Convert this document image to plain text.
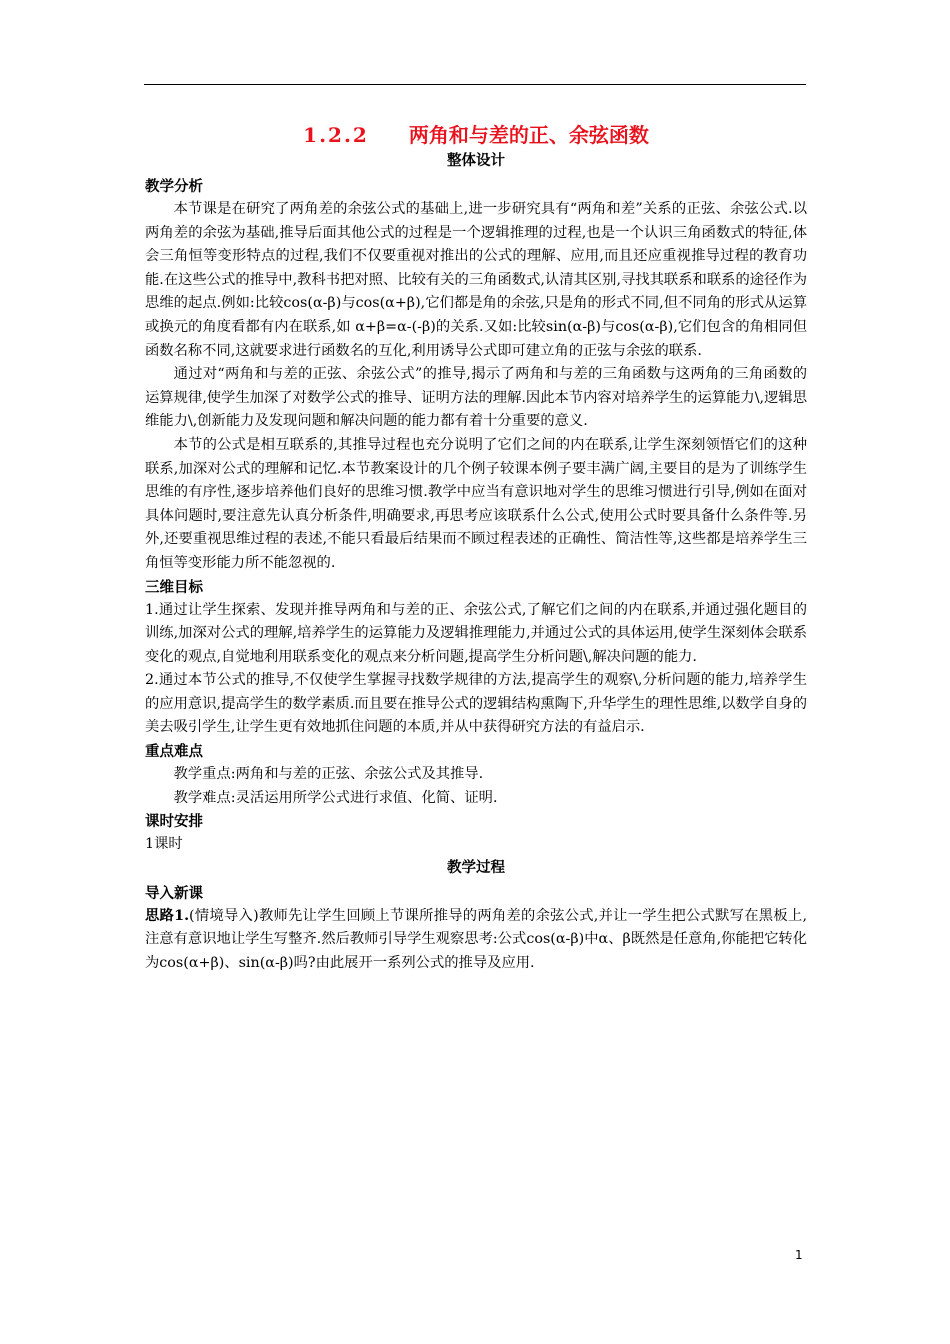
1.2.2 两角和与差的正、余弦函数
整体设计
教学分析

本节课是在研究了两角差的余弦公式的基础上,进一步研究具有“两角和差”关系的正弦、余弦公式.以两角差的余弦为基础,推导后面其他公式的过程是一个逻辑推理的过程,也是一个认识三角函数式的特征,体会三角恒等变形特点的过程,我们不仅要重视对推出的公式的理解、应用,而且还应重视推导过程的教育功能.在这些公式的推导中,教科书把对照、比较有关的三角函数式,认清其区别,寻找其联系和联系的途径作为思维的起点.例如:比较cos(α-β)与cos(α+β),它们都是角的余弦,只是角的形式不同,但不同角的形式从运算或换元的角度看都有内在联系,如 α+β=α-(-β)的关系.又如:比较sin(α-β)与cos(α-β),它们包含的角相同但函数名称不同,这就要求进行函数名的互化,利用诱导公式即可建立角的正弦与余弦的联系.

通过对“两角和与差的正弦、余弦公式”的推导,揭示了两角和与差的三角函数与这两角的三角函数的运算规律,使学生加深了对数学公式的推导、证明方法的理解.因此本节内容对培养学生的运算能力\,逻辑思维能力\,创新能力及发现问题和解决问题的能力都有着十分重要的意义.

本节的公式是相互联系的,其推导过程也充分说明了它们之间的内在联系,让学生深刻领悟它们的这种联系,加深对公式的理解和记忆.本节教案设计的几个例子较课本例子要丰满广阔,主要目的是为了训练学生思维的有序性,逐步培养他们良好的思维习惯.教学中应当有意识地对学生的思维习惯进行引导,例如在面对具体问题时,要注意先认真分析条件,明确要求,再思考应该联系什么公式,使用公式时要具备什么条件等.另外,还要重视思维过程的表述,不能只看最后结果而不顾过程表述的正确性、简洁性等,这些都是培养学生三角恒等变形能力所不能忽视的.

三维目标

1.通过让学生探索、发现并推导两角和与差的正、余弦公式,了解它们之间的内在联系,并通过强化题目的训练,加深对公式的理解,培养学生的运算能力及逻辑推理能力,并通过公式的具体运用,使学生深刻体会联系变化的观点,自觉地利用联系变化的观点来分析问题,提高学生分析问题\,解决问题的能力.

2.通过本节公式的推导,不仅使学生掌握寻找数学规律的方法,提高学生的观察\,分析问题的能力,培养学生的应用意识,提高学生的数学素质.而且要在推导公式的逻辑结构熏陶下,升华学生的理性思维,以数学自身的美去吸引学生,让学生更有效地抓住问题的本质,并从中获得研究方法的有益启示.

重点难点

教学重点:两角和与差的正弦、余弦公式及其推导.

教学难点:灵活运用所学公式进行求值、化简、证明.

课时安排

1课时

教学过程
导入新课

思路1.(情境导入)教师先让学生回顾上节课所推导的两角差的余弦公式,并让一学生把公式默写在黑板上,注意有意识地让学生写整齐.然后教师引导学生观察思考:公式cos(α-β)中α、β既然是任意角,你能把它转化为cos(α+β)、sin(α-β)吗?由此展开一系列公式的推导及应用.

1
